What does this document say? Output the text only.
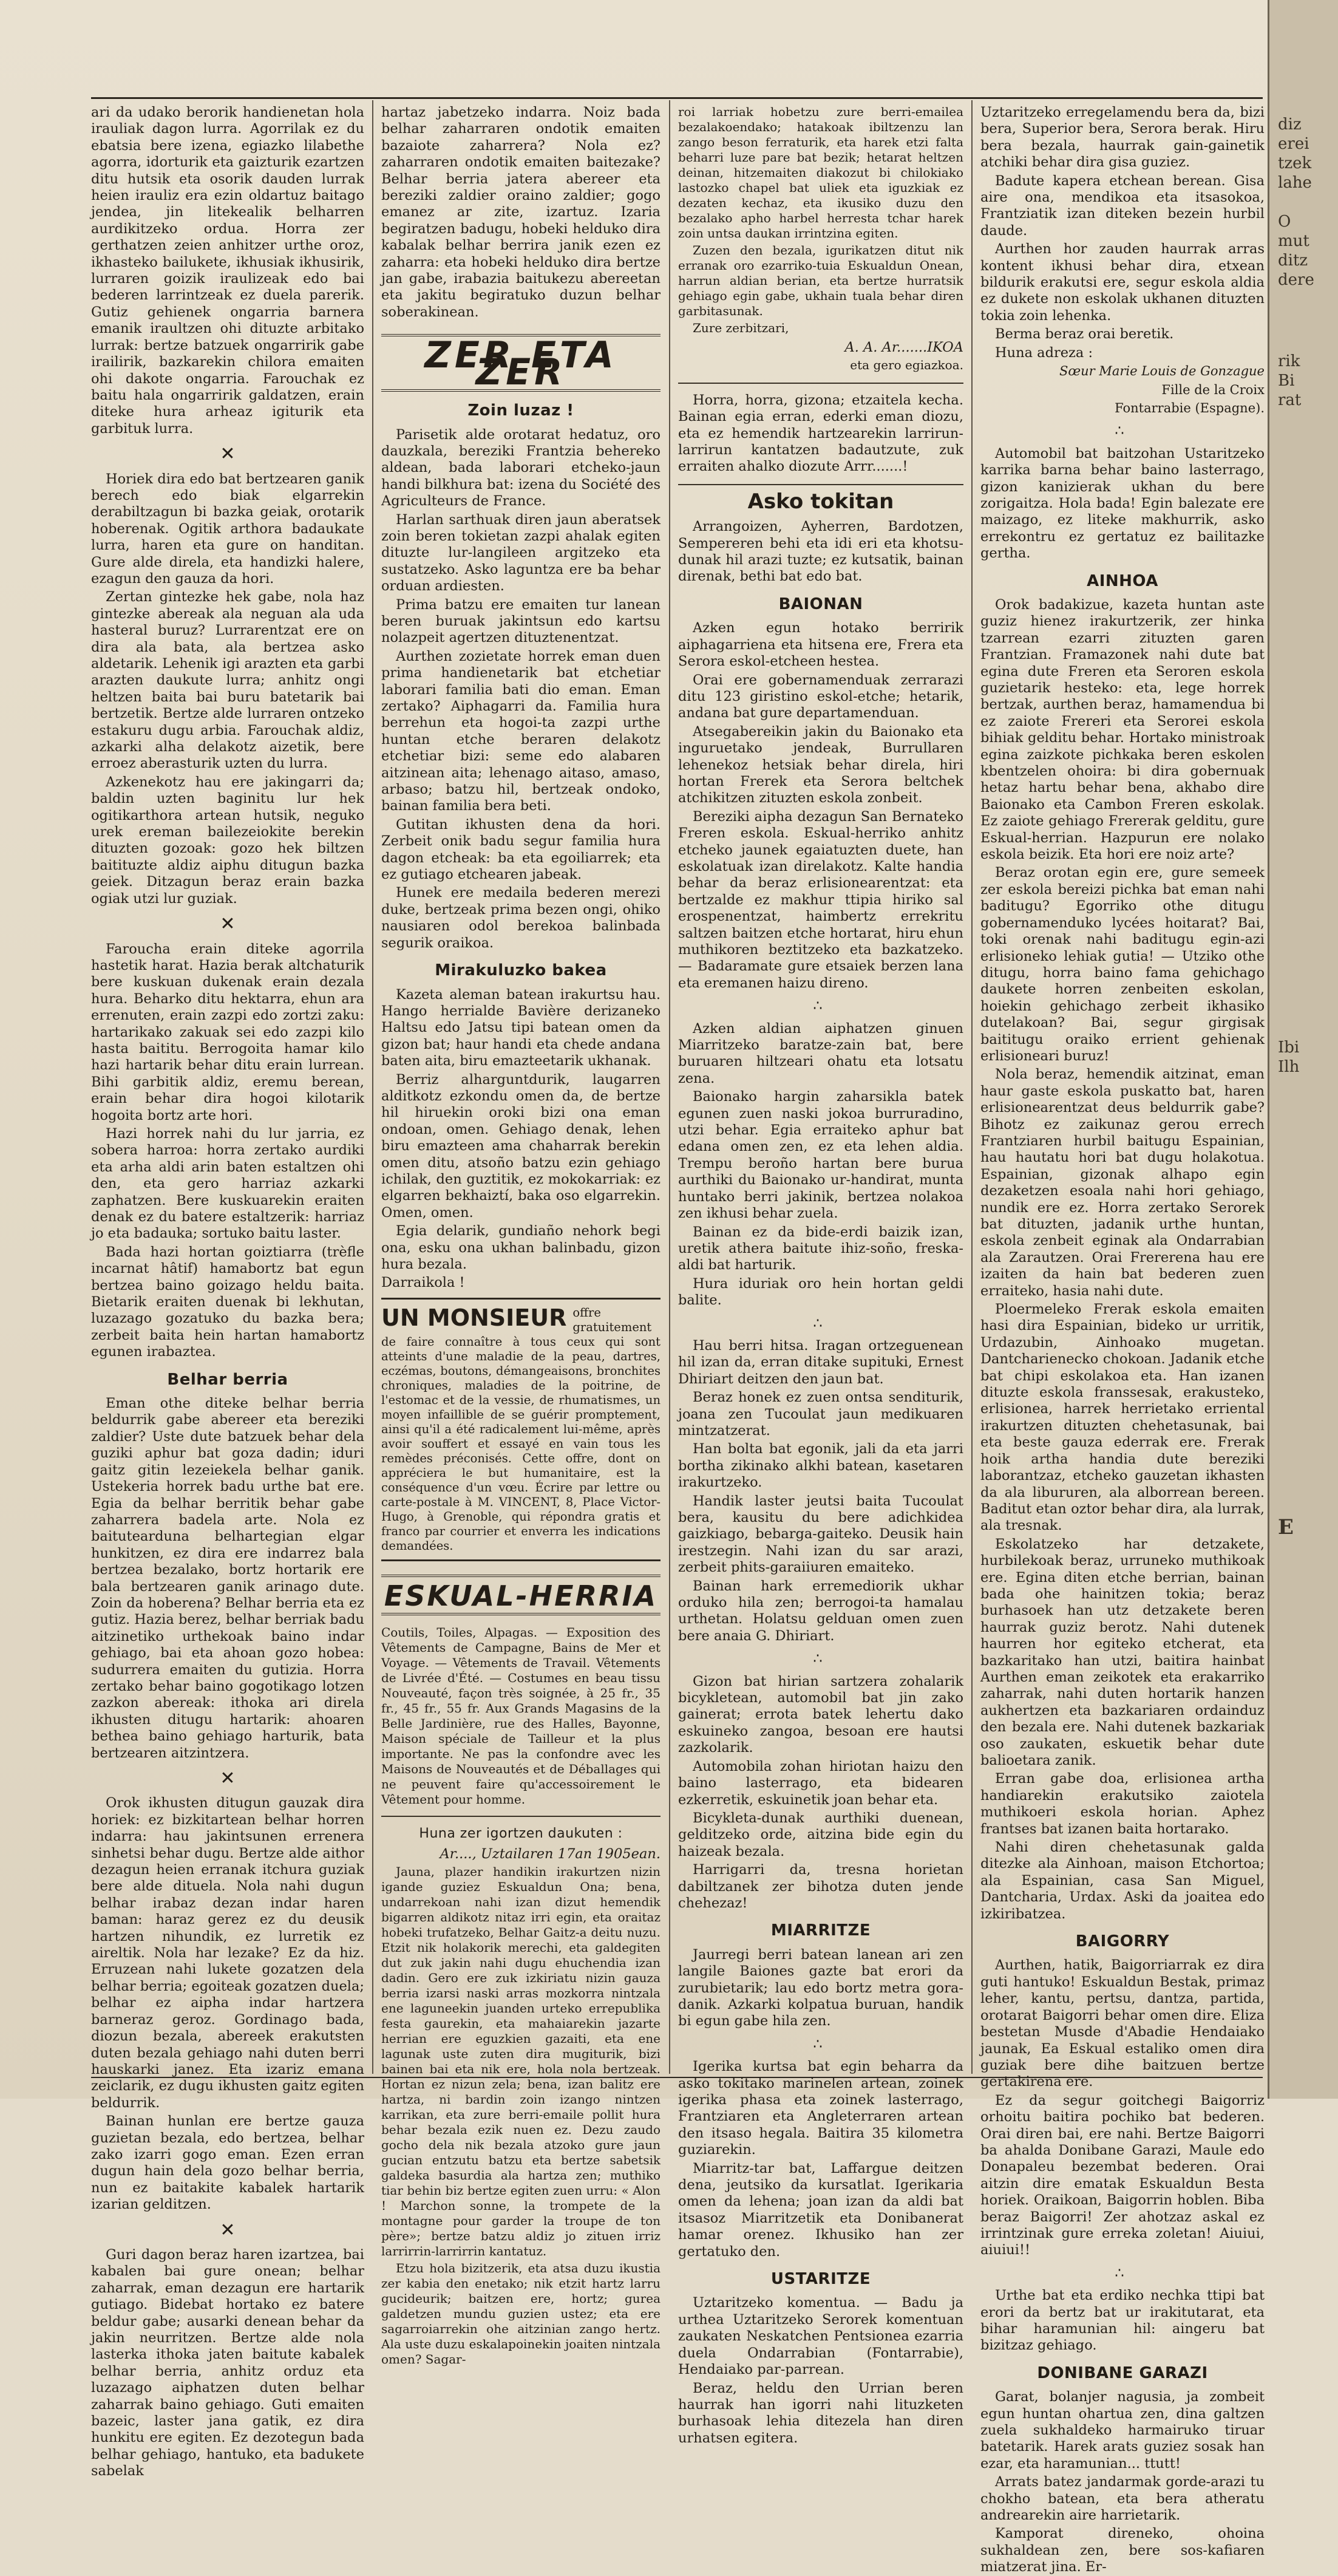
diz
erei
tzek
lahe
O
mut
ditz
dere
rik
Bi
rat
Ibi
Ilh
E

ari da udako berorik handienetan hola irauliak dagon lurra. Agorrilak ez du ebatsia bere izena, egiazko lilabethe agorra, idorturik eta gaizturik ezartzen ditu hutsik eta osorik dauden lurrak heien irauliz era ezin oldartuz baitago jendea, jin litekealik belharren aurdikitzeko ordua. Horra zer gerthatzen zeien anhitzer urthe oroz, ikhasteko bailukete, ikhusiak ikhusirik, lurraren goizik iraulizeak edo bai bederen larrintzeak ez duela parerik. Gutiz gehienek ongarria barnera emanik iraultzen ohi dituzte arbitako lurrak: bertze batzuek ongarririk gabe irailirik, bazkarekin chilora emaiten ohi dakote ongarria. Farouchak ez baitu hala ongarririk galdatzen, erain diteke hura arheaz igiturik eta garbituk lurra.

✕

Horiek dira edo bat bertzearen ganik berech edo biak elgarrekin derabiltzagun bi bazka geiak, orotarik hoberenak. Ogitik arthora badaukate lurra, haren eta gure on handitan. Gure alde direla, eta handizki halere, ezagun den gauza da hori.

Zertan gintezke hek gabe, nola haz gintezke abereak ala neguan ala uda hasteral buruz? Lurrarentzat ere on dira ala bata, ala bertzea asko aldetarik. Lehenik igi arazten eta garbi arazten daukute lurra; anhitz ongi heltzen baita bai buru batetarik bai bertzetik. Bertze alde lurraren ontzeko estakuru dugu arbia. Farouchak aldiz, azkarki alha delakotz aizetik, bere erroez aberasturik uzten du lurra.

Azkenekotz hau ere jakingarri da; baldin uzten baginitu lur hek ogitikarthora artean hutsik, neguko urek ereman bailezeiokite berekin dituzten gozoak: gozo hek biltzen baitituzte aldiz aiphu ditugun bazka geiek. Ditzagun beraz erain bazka ogiak utzi lur guziak.

✕

Farouchа erain diteke agorrila hastetik harat. Hazia berak altchaturik bere kuskuan dukenak erain dezala hura. Beharko ditu hektarrа, ehun ara errenuten, erain zazpi edo zortzi zaku: hartarikako zakuak sei edo zazpi kilo hasta baititu. Berrogoita hamar kilo hazi hartarik behar ditu erain lurrean. Bihi garbitik aldiz, eremu berean, erain behar dira hogoi kilotarik hogoita bortz arte hori.

Hazi horrek nahi du lur jarria, ez sobera harroa: horra zertako aurdiki eta arha aldi arin baten estaltzen ohi den, eta gero harriaz azkarki zaphatzen. Bere kuskuarekin eraiten denak ez du batere estaltzerik: harriaz jo eta badauka; sortuko baitu laster.

Bada hazi hortan goiztiarra (trèfle incarnat hâtif) hamabortz bat egun bertzea baino goizago heldu baita. Bietarik eraiten duenak bi lekhutan, luzazago gozatuko du bazka bera; zerbeit baita hein hartan hamabortz egunen irabaztea.

Belhar berria

Eman othe diteke belhar berria beldurrik gabe abereer eta bereziki zaldier? Uste dute batzuek behar dela guziki aphur bat goza dadin; iduri gaitz gitin lezeiekela belhar ganik. Ustekeria horrek badu urthe bat ere. Egia da belhar berritik behar gabe zaharrera badela arte. Nola ez baitutearduna belhartegian elgar hunkitzen, ez dira ere indarrez bala bertzea bezalako, bortz hortarik ere bala bertzearen ganik arinago dute. Zoin da hoberena? Belhar berria eta ez gutiz. Hazia berez, belhar berriak badu aitzinetiko urthekoak baino indar gehiago, bai eta ahoan gozo hobea: sudurrera emaiten du gutizia. Horra zertako behar baino gogotikago lotzen zazkon abereak: ithoka ari direla ikhusten ditugu hartarik: ahoaren bethea baino gehiago harturik, bata bertzearen aitzintzera.

✕

Orok ikhusten ditugun gauzak dira horiek: ez bizkitartean belhar horren indarra: hau jakintsunen errenera sinhetsi behar dugu. Bertze alde aithor dezagun heien erranak itchura guziak bere alde dituela. Nola nahi dugun belhar irabaz dezan indar haren baman: haraz gerez ez du deusik hartzen nihundik, ez lurretik ez aireltik. Nola har lezake? Ez da hiz. Erruzean nahi lukete gozatzen dela belhar berria; egoiteak gozatzen duela; belhar ez aipha indar hartzera barneraz geroz. Gordinago bada, diozun bezala, abereek erakutsten duten bezala gehiago nahi duten berri hauskarki janez. Eta izariz emana zeiclarik, ez dugu ikhusten gaitz egiten beldurrik.

Bainan hunlan ere bertze gauza guzietan bezala, edo bertzea, belhar zako izarri gogo eman. Ezen erran dugun hain dela gozo belhar berria, nun ez baitakite kabalek hartarik izarian gelditzen.

✕

Guri dagon beraz haren izartzea, bai kabalen bai gure onean; belhar zaharrak, eman dezagun ere hartarik gutiago. Bidebat hortako ez batere beldur gabe; ausarki denean behar da jakin neurritzen. Bertze alde nola lasterka ithoka jaten baitute kabalek belhar berria, anhitz orduz eta luzazago aiphatzen duten belhar zaharrak baino gehiago. Guti emaiten bazeic, laster jana gatik, ez dira hunkitu ere egiten. Ez dezotegun bada belhar gehiago, hantuko, eta badukete sabelak

hartaz jabetzeko indarra. Noiz bada belhar zaharraren ondotik emaiten bazaiote zaharrera? Nola ez? zaharraren ondotik emaiten baitezake? Belhar berria jatera abereer eta bereziki zaldier oraino zaldier; gogo emanez ar zite, izartuz. Izaria begiratzen badugu, hobeki helduko dira kabalak belhar berrira janik ezen ez zaharra: eta hobeki helduko dira bertze jan gabe, irabazia baitukezu abereetan eta jakitu begiratuko duzun belhar soberakinean.

ZER ETA ZER
Zoin luzaz !

Parisetik alde orotarat hedatuz, oro dauzkala, bereziki Frantzia behereko aldean, bada laborari etcheko-jaun handi bilkhura bat: izena du Société des Agriculteurs de France.

Harlan sarthuak diren jaun aberatsek zoin beren tokietan zazpi ahalak egiten dituzte lur-langileen argitzeko eta sustatzeko. Asko laguntza ere ba behar orduan ardiesten.

Prima batzu ere emaiten tur lanean beren buruak jakintsun edo kartsu nolazpeit agertzen dituztenentzat.

Aurthen zozietate horrek eman duen prima handienetarik bat etchetiar laborari familia bati dio eman. Eman zertako? Aiphagarri da. Familia hura berrehun eta hogoi-ta zazpi urthe huntan etche beraren delakotz etchetiar bizi: seme edo alabaren aitzinean aita; lehenago aitaso, amaso, arbaso; batzu hil, bertzeak ondoko, bainan familia bera beti.

Gutitan ikhusten dena da hori. Zerbeit onik badu segur familia hura dagon etcheak: ba eta egoiliarrek; eta ez gutiago etchearen jabeak.

Hunek ere medaila bederen merezi duke, bertzeak prima bezen ongi, ohiko nausiaren odol berekoa balinbada segurik oraikoa.

Mirakuluzko bakea

Kazeta aleman batean irakurtsu hau. Hango herrialde Bavière derizaneko Haltsu edo Jatsu tipi batean omen da gizon bat; haur handi eta chede andana baten aita, biru emazteetarik ukhanak.

Berriz alharguntdurik, laugarren alditkotz ezkondu omen da, de bertze hil hiruekin oroki bizi ona eman ondoan, omen. Gehiago denak, lehen biru emazteen ama chaharrak berekin omen ditu, atsoño batzu ezin gehiago ichilak, den guztitik, ez mokokarriak: ez elgarren bekhaiztí, baka oso elgarrekin. Omen, omen.

Egia delarik, gundiaño nehork begi ona, esku ona ukhan balinbadu, gizon hura bezala.

Darraikola !

UN MONSIEUR offre gratuitement de faire connaître à tous ceux qui sont atteints d'une maladie de la peau, dartres, eczémas, boutons, démangeaisons, bronchites chroniques, maladies de la poitrine, de l'estomac et de la vessie, de rhumatismes, un moyen infaillible de se guérir promptement, ainsi qu'il a été radicalement lui-même, après avoir souffert et essayé en vain tous les remèdes préconisés. Cette offre, dont on appréciera le but humanitaire, est la conséquence d'un vœu. Écrire par lettre ou carte-postale à M. VINCENT, 8, Place Victor-Hugo, à Grenoble, qui répondra gratis et franco par courrier et enverra les indications demandées.
ESKUAL-HERRIA

Coutils, Toiles, Alpagas. — Exposition des Vêtements de Campagne, Bains de Mer et Voyage. — Vêtements de Travail. Vêtements de Livrée d'Été. — Costumes en beau tissu Nouveauté, façon très soignée, à 25 fr., 35 fr., 45 fr., 55 fr. Aux Grands Magasins de la Belle Jardinière, rue des Halles, Bayonne, Maison spéciale de Tailleur et la plus importante. Ne pas la confondre avec les Maisons de Nouveautés et de Déballages qui ne peuvent faire qu'accessoirement le Vêtement pour homme.

Huna zer igortzen daukuten :

Ar...., Uztailaren 17an 1905ean.

Jauna, plazer handikin irakurtzen nizin igande guziez Eskualdun Ona; bena, undarrekoan nahi izan dizut hemendik bigarren aldikotz nitaz irri egin, eta oraitaz hobeki trufatzeko, Belhar Gaitz-a deitu nuzu. Etzit nik holakorik merechi, eta galdegiten dut zuk jakin nahi dugu ehuchendia izan dadin. Gero ere zuk izkiriatu nizin gauza berria izarsi naski arras mozkorra nintzala ene laguneekin juanden urteko errepublika festa gaurekin, eta mahaiarekin jazarte herrian ere eguzkien gazaiti, eta ene lagunak uste zuten dira mugiturik, bizi bainen bai eta nik ere, hola nola bertzeak. Hortan ez nizun zela; bena, izan balitz ere hartza, ni bardin zoin izango nintzen karrikan, eta zure berri-emaile pollit hura behar bezala ezik nuen ez. Dezu zaudo gocho dela nik bezala atzoko gure jaun gucian entzutu batzu eta bertze sabetsik galdeka basurdia ala hartza zen; muthiko tiar behin biz bertze egiten zuen urru: « Alon ! Marchon sonne, la trompete de la montagne pour garder la troupe de ton père»; bertze batzu aldiz jo zituen irriz larrirrin-larrirrin kantatuz.

Etzu hola bizitzerik, eta atsa duzu ikustia zer kabia den enetako; nik etzit hartz larru gucideurik; baitzen ere, hortz; gurea galdetzen mundu guzien ustez; eta ere sagarroiarrekin ohe aitzinian zango hertz. Ala uste duzu eskalapoinekin joaiten nintzala omen? Sagar-

roi larriak hobetzu zure berri-emailea bezalakoendako; hatakoak ibiltzenzu lan zango beson ferraturik, eta harek etzi falta beharri luze pare bat bezik; hetarat heltzen deinan, hitzemaiten diakozut bi chilokiako lastozko chapel bat uliek eta iguzkiak ez dezaten kechaz, eta ikusiko duzu den bezalako apho harbel herresta tchar harek zoin untsa daukan irrintzina egiten.

Zuzen den bezala, igurikatzen ditut nik erranak oro ezarriko-tuia Eskualdun Onean, harrun aldian berian, eta bertze hurratsik gehiago egin gabe, ukhain tuala behar diren garbitasunak.

Zure zerbitzari,

A. A. Ar.......IKOA
eta gero egiazkoa.

Horra, horra, gizona; etzaitela kecha. Bainan egia erran, ederki eman diozu, eta ez hemendik hartzearekin larrirun-larrirun kantatzen badautzute, zuk erraiten ahalko diozute Arrr.......!

Asko tokitan

Arrangoizen, Ayherren, Bardotzen, Sempereren behi eta idi eri eta khotsu-dunak hil arazi tuzte; ez kutsatik, bainan direnak, bethi bat edo bat.

BAIONAN

Azken egun hotako berririk aiphagarriena eta hitsena ere, Frera eta Serora eskol-etcheen hestea.

Orai ere gobernamenduak zerrarazi ditu 123 giristino eskol-etche; hetarik, andana bat gure departamenduan.

Atsegabereikin jakin du Baionako eta inguruetako jendeak, Burrullaren lehenekoz hetsiak behar direla, hiri hortan Frerek eta Serora beltchek atchikitzen zituzten eskola zonbeit.

Bereziki aipha dezagun San Bernateko Freren eskola. Eskual-herriko anhitz etcheko jaunek egaiatuzten duete, han eskolatuak izan direlakotz. Kalte handia behar da beraz erlisionearentzat: eta bertzalde ez makhur ttipia hiriko sal erospenentzat, haimbertz errekritu saltzen baitzen etche hortarat, hiru ehun muthikoren beztitzeko eta bazkatzeko. — Badaramate gure etsaiek berzen lana eta eremanen haizu direno.

∴

Azken aldian aiphatzen ginuen Miarritzeko baratze-zain bat, bere buruaren hiltzeari ohatu eta lotsatu zena.

Baionako hargin zaharsikla batek egunen zuen naski jokoa burruradino, utzi behar. Egia erraiteko aphur bat edana omen zen, ez eta lehen aldia. Trempu beroño hartan bere burua aurthiki du Baionako ur-handirat, munta huntako berri jakinik, bertzea nolakoa zen ikhusi behar zuela.

Bainan ez da bide-erdi baizik izan, uretik athera baitute ihiz-soño, freska-aldi bat harturik.

Hura iduriak oro hein hortan geldi balite.

∴

Hau berri hitsa. Iragan ortzeguenean hil izan da, erran ditake supituki, Ernest Dhiriart deitzen den jaun bat.

Beraz honek ez zuen ontsa senditurik, joana zen Tucoulat jaun medikuaren mintzatzerat.

Han bolta bat egonik, jali da eta jarri bortha zikinako alkhi batean, kasetaren irakurtzeko.

Handik laster jeutsi baita Tucoulat bera, kausitu du bere adichkidea gaizkiago, bebarga-gaiteko. Deusik hain irestzegin. Nahi izan du sar arazi, zerbeit phits-garaiiuren emaiteko.

Bainan hark erremediorik ukhar orduko hila zen; berrogoi-ta hamalau urthetan. Holatsu gelduan omen zuen bere anaia G. Dhiriart.

∴

Gizon bat hirian sartzera zohalarik bicykletean, automobil bat jin zako gainerat; errota batek lehertu dako eskuineko zangoa, besoan ere hautsi zazkolarik.

Automobila zohan hiriotan haizu den baino lasterrago, eta bidearen ezkerretik, eskuinetik joan behar eta.

Bicykleta-dunak aurthiki duenean, gelditzeko orde, aitzina bide egin du haizeak bezala.

Harrigarri da, tresna horietan dabiltzanek zer bihotza duten jende chehezaz!

MIARRITZE

Jaurregi berri batean lanean ari zen langile Baiones gazte bat erori da zurubietarik; lau edo bortz metra gora-danik. Azkarki kolpatua buruan, handik bi egun gabe hila zen.

∴

Igerika kurtsa bat egin beharra da asko tokitako marinelen artean, zoinek igerika phasa eta zoinek lasterrago, Frantziaren eta Angleterraren artean den itsaso hegala. Baitira 35 kilometra guziarekin.

Miarritz-tar bat, Laffargue deitzen dena, jeutsiko da kursatlat. Igerikaria omen da lehena; joan izan da aldi bat itsasoz Miarritzetik eta Donibanerat hamar orenez. Ikhusiko han zer gertatuko den.

USTARITZE

Uztaritzeko komentua. — Badu ja urthea Uztaritzeko Serorek komentuan zaukaten Neskatchen Pentsionea ezarria duela Ondarrabian (Fontarrabie), Hendaiako par-parrean.

Beraz, heldu den Urrian beren haurrak han igorri nahi lituzketen burhasoak lehia ditezela han diren urhatsen egitera.

Uztaritzeko erregelamendu bera da, bizi bera, Superior bera, Serora berak. Hiru bera bezala, haurrak gain-gainetik atchiki behar dira gisa guziez.

Badute kapera etchean berean. Gisa aire ona, mendikoa eta itsasokoa, Frantziatik izan diteken bezein hurbil daude.

Aurthen hor zauden haurrak arras kontent ikhusi behar dira, etxean bildurik erakutsi ere, segur eskola aldia ez dukete non eskolak ukhanen dituzten tokia zoin lehenka.

Berma beraz orai beretik.

Huna adreza :

Sœur Marie Louis de Gonzague

Fille de la Croix

Fontarrabie (Espagne).

∴

Automobil bat baitzohan Ustaritzeko karrika barna behar baino lasterrago, gizon kanizierak ukhan du bere zorigaitza. Hola bada! Egin balezate ere maizago, ez liteke makhurrik, asko errekontru ez gertatuz ez bailitazke gertha.

AINHOA

Orok badakizue, kazeta huntan aste guziz hienez irakurtzerik, zer hinka tzarrean ezarri zituzten garen Frantzian. Framazonek nahi dute bat egina dute Freren eta Seroren eskola guzietarik hesteko: eta, lege horrek bertzak, aurthen beraz, hamamendua bi ez zaiote Frereri eta Serorei eskola bihiak gelditu behar. Hortako ministroak egina zaizkote pichkaka beren eskolen kbentzelen ohoira: bi dira gobernuak hetaz hartu behar bena, akhabo dire Baionako eta Cambon Freren eskolak. Ez zaiote gehiago Frererak gelditu, gure Eskual-herrian. Hazpurun ere nolako eskola beizik. Eta hori ere noiz arte?

Beraz orotan egin ere, gure semeek zer eskola bereizi pichka bat eman nahi baditugu? Egorriko othe ditugu gobernamenduko lycées hoitarat? Bai, toki orenak nahi baditugu egin-azi erlisioneko lehiak gutia! — Utziko othe ditugu, horra baino fama gehichago daukete horren zenbeiten eskolan, hoiekin gehichago zerbeit ikhasiko dutelakoan? Bai, segur girgisak baititugu oraiko errient gehienak erlisioneari buruz!

Nola beraz, hemendik aitzinat, eman haur gaste eskola puskatto bat, haren erlisionearentzat deus beldurrik gabe? Bihotz ez zaikunaz gerou errech Frantziaren hurbil baitugu Espainian, hau hautatu hori bat dugu holakotua. Espainian, gizonak alhapo egin dezaketzen esoala nahi hori gehiago, nundik ere ez. Horra zertako Serorek bat dituzten, jadanik urthe huntan, eskola zenbeit eginak ala Ondarrabian ala Zarautzen. Orai Frererena hau ere izaiten da hain bat bederen zuen erraiteko, hasia nahi dute.

Ploermeleko Frerak eskola emaiten hasi dira Espainian, bideko ur urritik, Urdazubin, Ainhoako mugetan. Dantcharienecko chokoan. Jadanik etche bat chipi eskolakoa eta. Han izanen dituzte eskola franssesak, erakusteko, erlisionea, harrek herrietako erriental irakurtzen dituzten chehetasunak, bai eta beste gauza ederrak ere. Frerak hoik artha handia dute bereziki laborantzaz, etcheko gauzetan ikhasten da ala libururen, ala alborrean bereen. Baditut etan oztor behar dira, ala lurrak, ala tresnak.

Eskolatzeko har detzakete, hurbilekoak beraz, urruneko muthikoak ere. Egina diten etche berrian, bainan bada ohe hainitzen tokia; beraz burhasoek han utz detzakete beren haurrak guziz berotz. Nahi dutenek haurren hor egiteko etcherat, eta bazkaritako han utzi, baitira hainbat Aurthen eman zeikotek eta erakarriko zaharrak, nahi duten hortarik hanzen aukhertzen eta bazkariaren ordainduz den bezala ere. Nahi dutenek bazkariak oso zaukaten, eskuetik behar dute balioetara zanik.

Erran gabe doa, erlisionea artha handiarekin erakutsiko zaiotela muthikoeri eskola horian. Aphez frantses bat izanen baita hortarako.

Nahi diren chehetasunak galda ditezke ala Ainhoan, maison Etchortoa; ala Espainian, casa San Miguel, Dantcharia, Urdax. Aski da joaitea edo izkiribatzea.

BAIGORRY

Aurthen, hatik, Baigorriarrak ez dira guti hantuko! Eskualdun Bestak, primaz leher, kantu, pertsu, dantza, partida, orotarat Baigorri behar omen dire. Eliza bestetan Musde d'Abadie Hendaiako jaunak, Ea Eskual estaliko omen dira guziak bere dihe baitzuen bertze gertakirena ere.

Ez da segur goitchegi Baigorriz orhoitu baitira pochiko bat bederen. Orai diren bai, ere nahi. Bertze Baigorri ba ahalda Donibane Garazi, Maule edo Donapaleu bezembat bederen. Orai aitzin dire ematak Eskualdun Besta horiek. Oraikoan, Baigorrin hoblen. Biba beraz Baigorri! Zer ahotzaz askal ez irrintzinak gure erreka zoletan! Aiuiui, aiuiui!!

∴

Urthe bat eta erdiko nechka ttipi bat erori da bertz bat ur irakitutarat, eta bihar haramunian hil: aingeru bat bizitzaz gehiago.

DONIBANE GARAZI

Garat, bolanjer nagusia, ja zombeit egun huntan ohartua zen, dina galtzen zuela sukhaldeko harmairuko tiruar batetarik. Harek arats guziez sosak han ezar, eta haramunian... ttutt!

Arrats batez jandarmak gorde-arazi tu chokho batean, eta bera atheratu andrearekin aire harrietarik.

Kamporat direneko, ohoina sukhaldean zen, bere sos-kafiaren miatzerat jina. Er-
